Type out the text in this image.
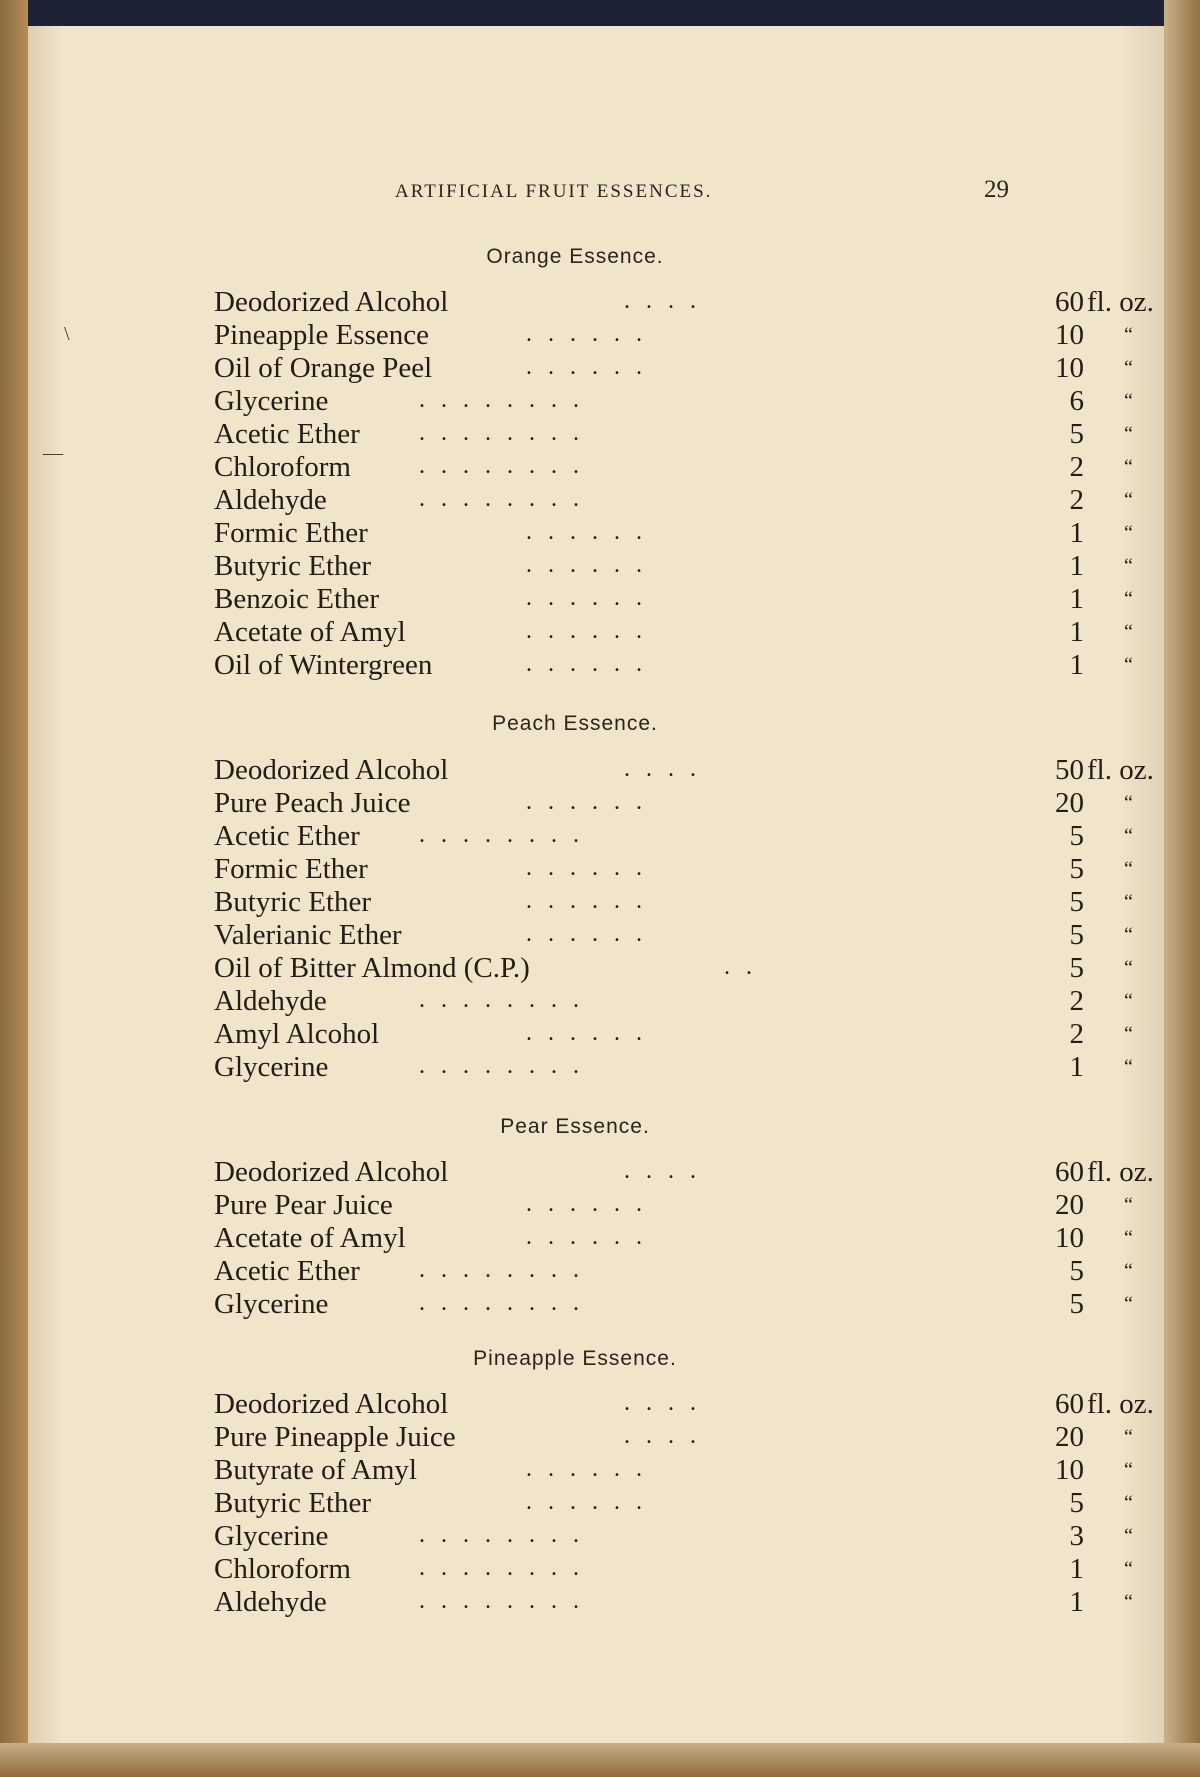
ARTIFICIAL FRUIT ESSENCES.	29
\
—
Orange Essence.
Deodorized Alcohol	. . . .	60 fl. oz.
Pineapple Essence	. . . . . .	10 “
Oil of Orange Peel	. . . . . .	10 “
Glycerine	. . . . . . . .	6 “
Acetic Ether . . . . . . . .	5 “
Chloroform	. . . . . . . .	2 “
Aldehyde	. . . . . . . .	2 “
Formic Ether	. . . . . .	1 “
Butyric Ether	. . . . . .	1 “
Benzoic Ether	. . . . . .	1 “
Acetate of Amyl	. . . . . .	1 “
Oil of Wintergreen	. . . . . .	1 “
Peach Essence.
Deodorized Alcohol	. . . .	50 fl. oz.
Pure Peach Juice	. . . . . .	20 “
Acetic Ether . . . . . . . .	5 “
Formic Ether	. . . . . .	5 “
Butyric Ether	. . . . . .	5 “
Valerianic Ether	. . . . . .	5 “
Oil of Bitter Almond (C.P.)	. .	5 “
Aldehyde	. . . . . . . .	2 “
Amyl Alcohol	. . . . . .	2 “
Glycerine	. . . . . . . .	1 “
Pear Essence.
Deodorized Alcohol	. . . .	60 fl. oz.
Pure Pear Juice	. . . . . .	20 “
Acetate of Amyl	. . . . . .	10 “
Acetic Ether . . . . . . . .	5 “
Glycerine	. . . . . . . .	5 “
Pineapple Essence.
Deodorized Alcohol	. . . .	60 fl. oz.
Pure Pineapple Juice	. . . .	20 “
Butyrate of Amyl	. . . . . .	10 “
Butyric Ether	. . . . . .	5 “
Glycerine	. . . . . . . .	3 “
Chloroform	. . . . . . . .	1 “
Aldehyde	. . . . . . . .	1 “
